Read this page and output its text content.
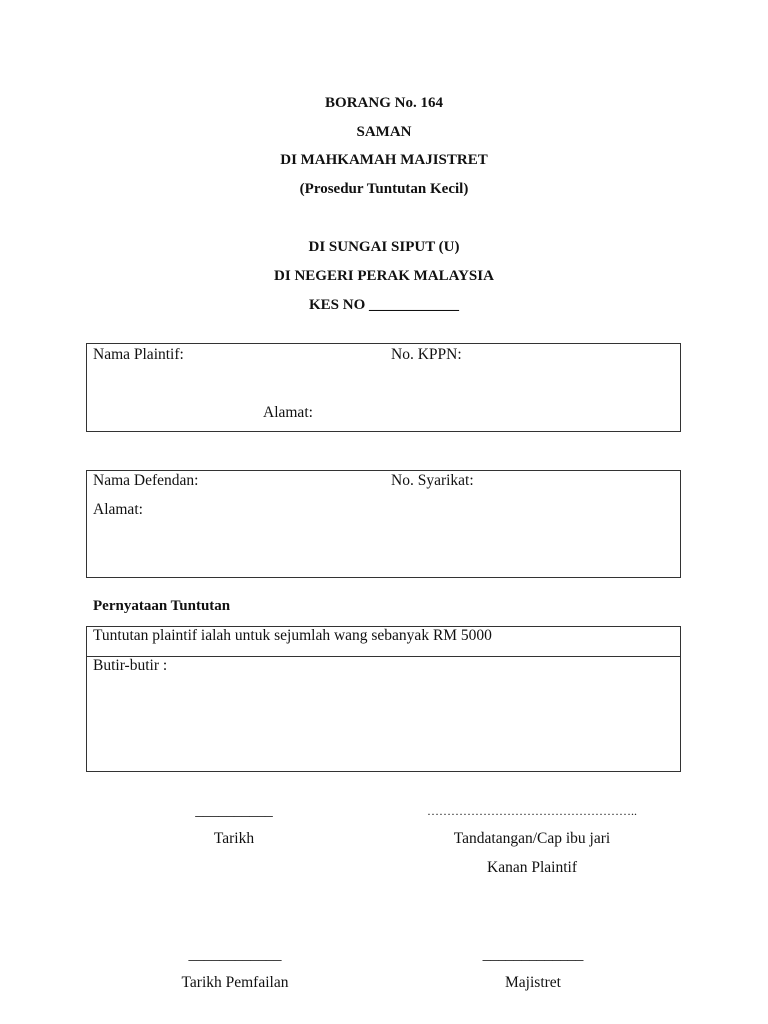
BORANG No. 164
SAMAN
DI MAHKAMAH MAJISTRET
(Prosedur Tuntutan Kecil)
DI SUNGAI SIPUT (U)
DI NEGERI PERAK MALAYSIA
KES NO ____________
Nama Plaintif:	No. KPPN:
Alamat:
Nama Defendan:	No. Syarikat:
Alamat:
Pernyataan Tuntutan
Tuntutan plaintif ialah untuk sejumlah wang sebanyak RM 5000
Butir-butir :
__________
Tarikh
……………………………………………..
Tandatangan/Cap ibu jari
Kanan Plaintif
____________
Tarikh Pemfailan
_____________
Majistret
